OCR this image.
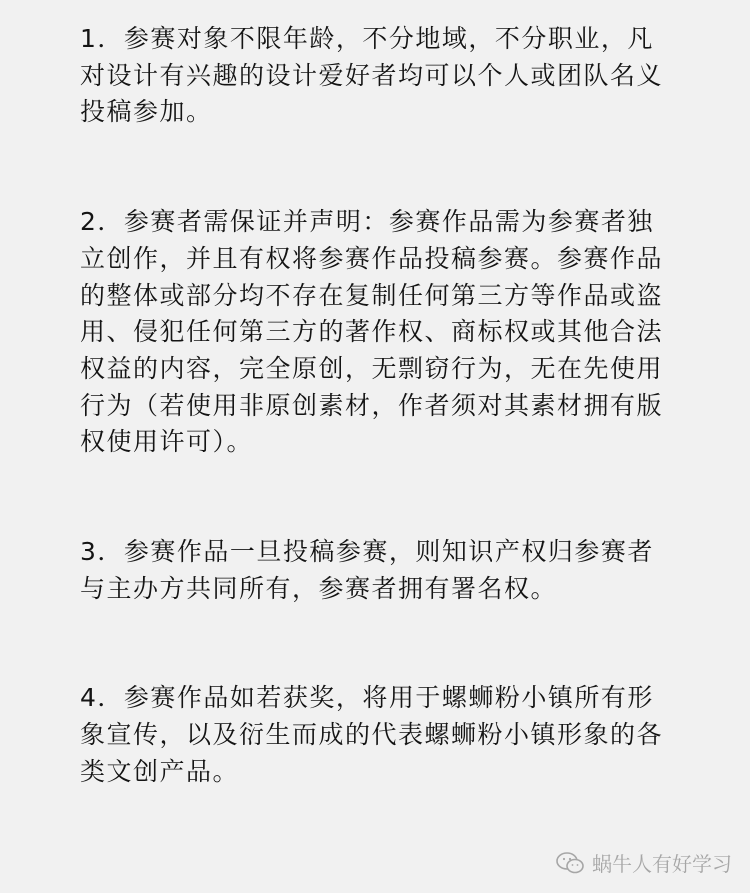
1．参赛对象不限年龄，不分地域，不分职业，凡对设计有兴趣的设计爱好者均可以个人或团队名义投稿参加。

2．参赛者需保证并声明：参赛作品需为参赛者独立创作，并且有权将参赛作品投稿参赛。参赛作品的整体或部分均不存在复制任何第三方等作品或盗用、侵犯任何第三方的著作权、商标权或其他合法权益的内容，完全原创，无剽窃行为，无在先使用行为（若使用非原创素材，作者须对其素材拥有版权使用许可）。

3．参赛作品一旦投稿参赛，则知识产权归参赛者与主办方共同所有，参赛者拥有署名权。

4．参赛作品如若获奖，将用于螺蛳粉小镇所有形象宣传，以及衍生而成的代表螺蛳粉小镇形象的各类文创产品。

蜗牛人有好学习
